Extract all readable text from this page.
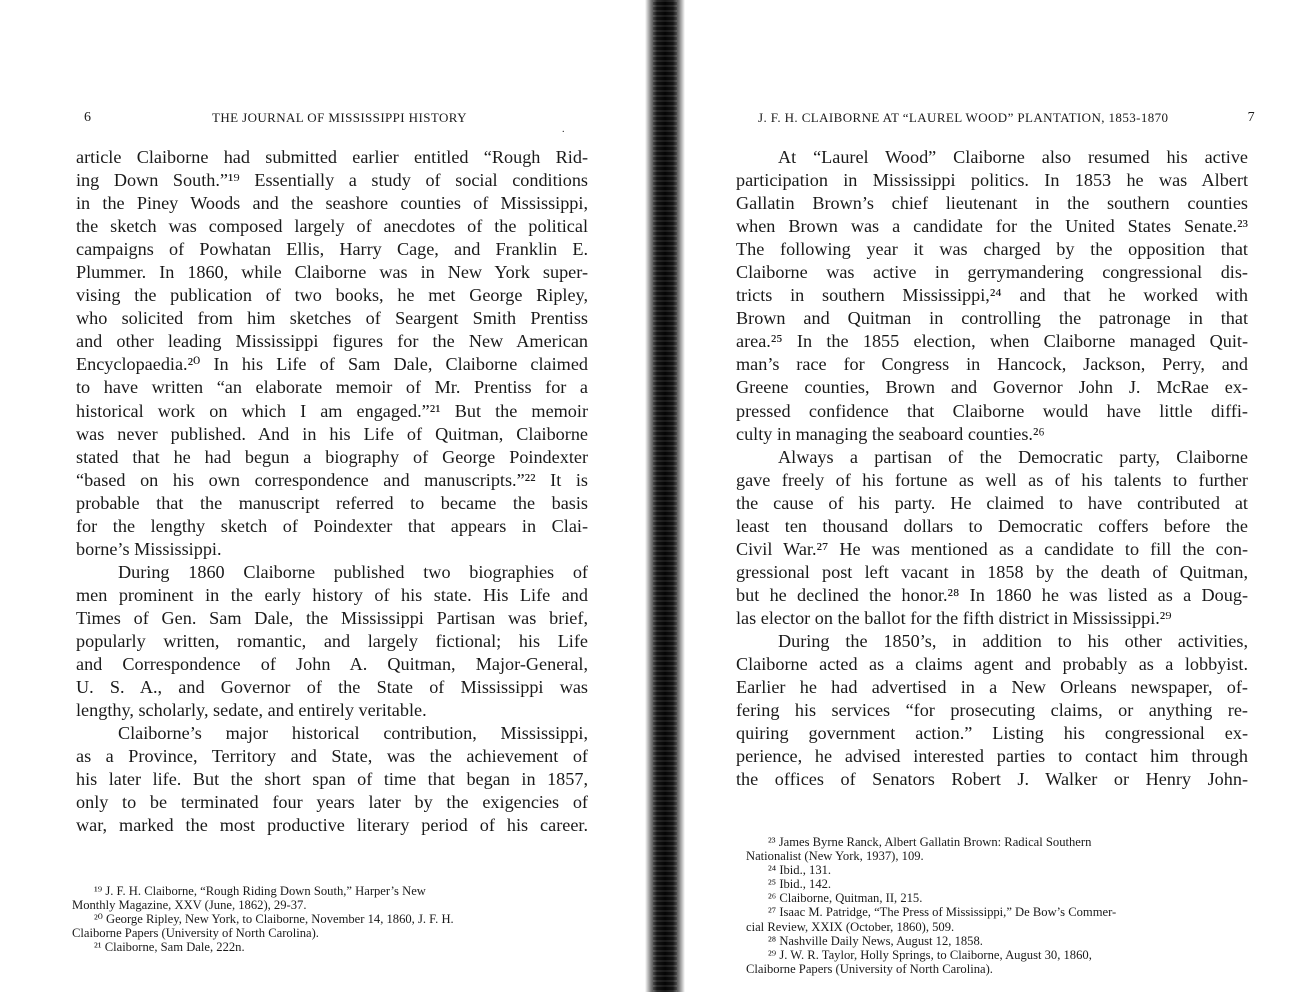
6	THE JOURNAL OF MISSISSIPPI HISTORY
.
article Claiborne had submitted earlier entitled “Rough Rid-
ing Down South.”¹⁹ Essentially a study of social conditions
in the Piney Woods and the seashore counties of Mississippi,
the sketch was composed largely of anecdotes of the political
campaigns of Powhatan Ellis, Harry Cage, and Franklin E.
Plummer. In 1860, while Claiborne was in New York super-
vising the publication of two books, he met George Ripley,
who solicited from him sketches of Seargent Smith Prentiss
and other leading Mississippi figures for the New American
Encyclopaedia.²⁰ In his Life of Sam Dale, Claiborne claimed
to have written “an elaborate memoir of Mr. Prentiss for a
historical work on which I am engaged.”²¹ But the memoir
was never published. And in his Life of Quitman, Claiborne
stated that he had begun a biography of George Poindexter
“based on his own correspondence and manuscripts.”²² It is
probable that the manuscript referred to became the basis
for the lengthy sketch of Poindexter that appears in Clai-
borne’s Mississippi.
During 1860 Claiborne published two biographies of
men prominent in the early history of his state. His Life and
Times of Gen. Sam Dale, the Mississippi Partisan was brief,
popularly written, romantic, and largely fictional; his Life
and Correspondence of John A. Quitman, Major-General,
U. S. A., and Governor of the State of Mississippi was
lengthy, scholarly, sedate, and entirely veritable.
Claiborne’s major historical contribution, Mississippi,
as a Province, Territory and State, was the achievement of
his later life. But the short span of time that began in 1857,
only to be terminated four years later by the exigencies of
war, marked the most productive literary period of his career.
¹⁹ J. F. H. Claiborne, “Rough Riding Down South,” Harper’s New
Monthly Magazine, XXV (June, 1862), 29-37.
²⁰ George Ripley, New York, to Claiborne, November 14, 1860, J. F. H.
Claiborne Papers (University of North Carolina).
²¹ Claiborne, Sam Dale, 222n.
J. F. H. CLAIBORNE AT “LAUREL WOOD” PLANTATION, 1853-1870	7
At “Laurel Wood” Claiborne also resumed his active
participation in Mississippi politics. In 1853 he was Albert
Gallatin Brown’s chief lieutenant in the southern counties
when Brown was a candidate for the United States Senate.²³
The following year it was charged by the opposition that
Claiborne was active in gerrymandering congressional dis-
tricts in southern Mississippi,²⁴ and that he worked with
Brown and Quitman in controlling the patronage in that
area.²⁵ In the 1855 election, when Claiborne managed Quit-
man’s race for Congress in Hancock, Jackson, Perry, and
Greene counties, Brown and Governor John J. McRae ex-
pressed confidence that Claiborne would have little diffi-
culty in managing the seaboard counties.²⁶
Always a partisan of the Democratic party, Claiborne
gave freely of his fortune as well as of his talents to further
the cause of his party. He claimed to have contributed at
least ten thousand dollars to Democratic coffers before the
Civil War.²⁷ He was mentioned as a candidate to fill the con-
gressional post left vacant in 1858 by the death of Quitman,
but he declined the honor.²⁸ In 1860 he was listed as a Doug-
las elector on the ballot for the fifth district in Mississippi.²⁹
During the 1850’s, in addition to his other activities,
Claiborne acted as a claims agent and probably as a lobbyist.
Earlier he had advertised in a New Orleans newspaper, of-
fering his services “for prosecuting claims, or anything re-
quiring government action.” Listing his congressional ex-
perience, he advised interested parties to contact him through
the offices of Senators Robert J. Walker or Henry John-
²³ James Byrne Ranck, Albert Gallatin Brown: Radical Southern
Nationalist (New York, 1937), 109.
²⁴ Ibid., 131.
²⁵ Ibid., 142.
²⁶ Claiborne, Quitman, II, 215.
²⁷ Isaac M. Patridge, “The Press of Mississippi,” De Bow’s Commer-
cial Review, XXIX (October, 1860), 509.
²⁸ Nashville Daily News, August 12, 1858.
²⁹ J. W. R. Taylor, Holly Springs, to Claiborne, August 30, 1860,
Claiborne Papers (University of North Carolina).
